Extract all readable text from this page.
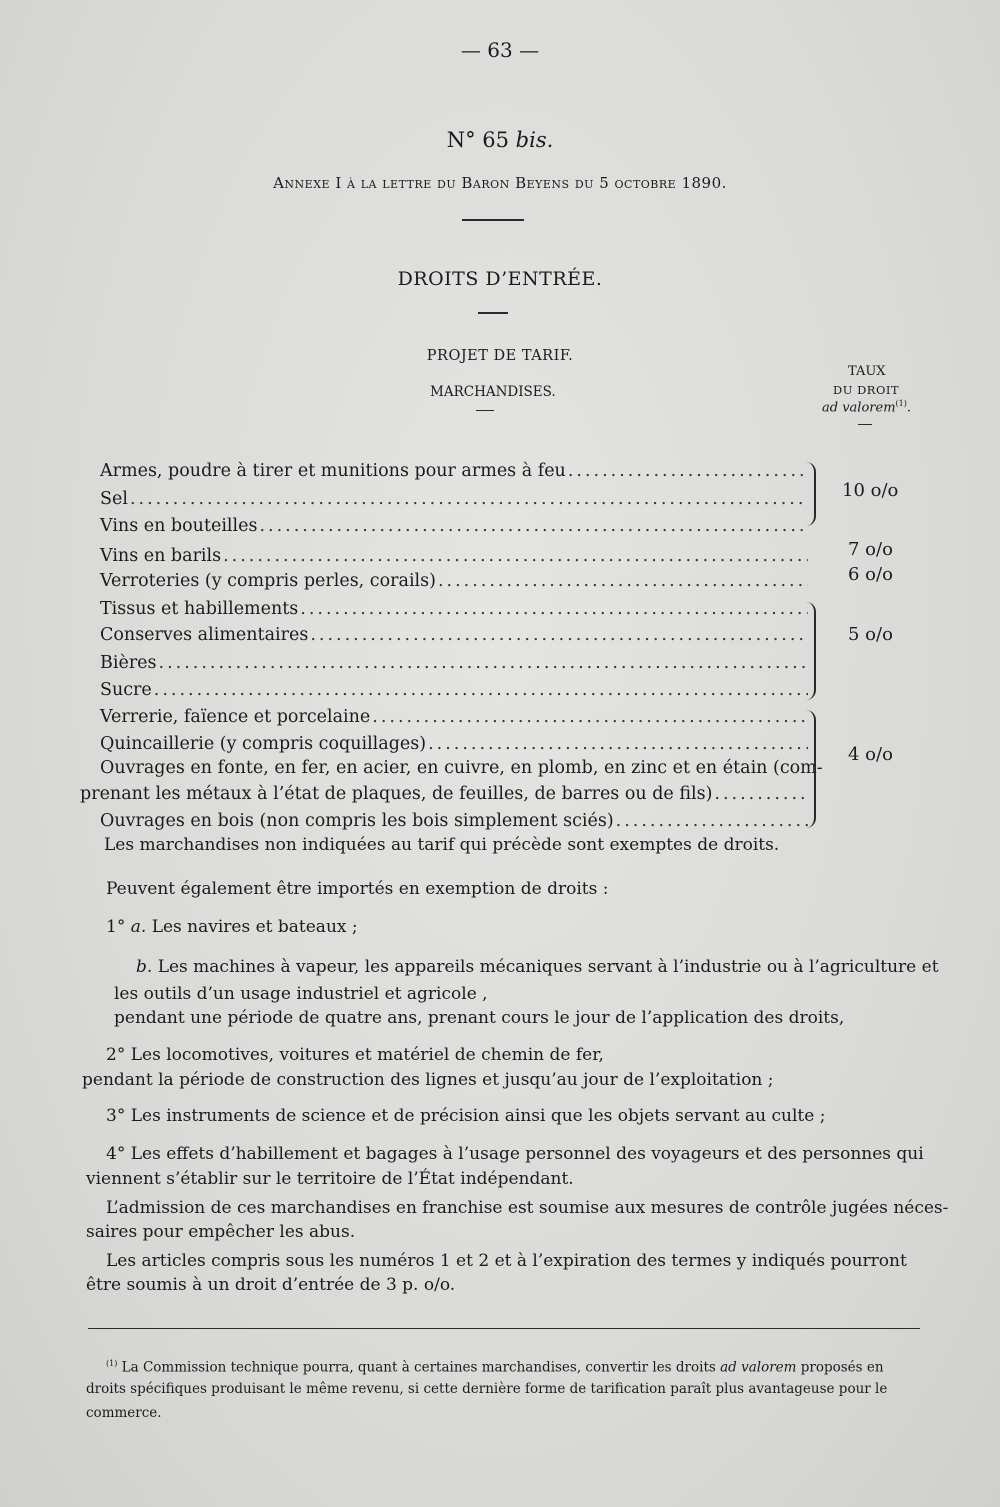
— 63 —
N° 65 bis.
Annexe I à la lettre du Baron Beyens du 5 octobre 1890.
DROITS D’ENTRÉE.
PROJET DE TARIF.
MARCHANDISES.
TAUX
DU DROIT
ad valorem$^{(1)}$.
Armes, poudre à tirer et munitions pour armes à feu
.....
Sel
.....
Vins en bouteilles
.....
Vins en barils
.....
Verroteries (y compris perles, corails)
.....
Tissus et habillements
.....
Conserves alimentaires
.....
Bières
.....
Sucre
.....
Verrerie, faïence et porcelaine
.....
Quincaillerie (y compris coquillages)
.....
Ouvrages en fonte, en fer, en acier, en cuivre, en plomb, en zinc et en étain (com-
prenant les métaux à l’état de plaques, de feuilles, de barres ou de fils)
.....
Ouvrages en bois (non compris les bois simplement sciés)
.....
10 o/o
7 o/o
6 o/o
5 o/o
4 o/o
Les marchandises non indiquées au tarif qui précède sont exemptes de droits.
Peuvent également être importés en exemption de droits :
1° a. Les navires et bateaux ;
b. Les machines à vapeur, les appareils mécaniques servant à l’industrie ou à l’agriculture et
les outils d’un usage industriel et agricole ,
pendant une période de quatre ans, prenant cours le jour de l’application des droits,
2° Les locomotives, voitures et matériel de chemin de fer,
pendant la période de construction des lignes et jusqu’au jour de l’exploitation ;
3° Les instruments de science et de précision ainsi que les objets servant au culte ;
4° Les effets d’habillement et bagages à l’usage personnel des voyageurs et des personnes qui
viennent s’établir sur le territoire de l’État indépendant.
L’admission de ces marchandises en franchise est soumise aux mesures de contrôle jugées néces-
saires pour empêcher les abus.
Les articles compris sous les numéros 1 et 2 et à l’expiration des termes y indiqués pourront
être soumis à un droit d’entrée de 3 p. o/o.
$^{(1)}$ La Commission technique pourra, quant à certaines marchandises, convertir les droits ad valorem proposés en
droits spécifiques produisant le même revenu, si cette dernière forme de tarification paraît plus avantageuse pour le
commerce.
